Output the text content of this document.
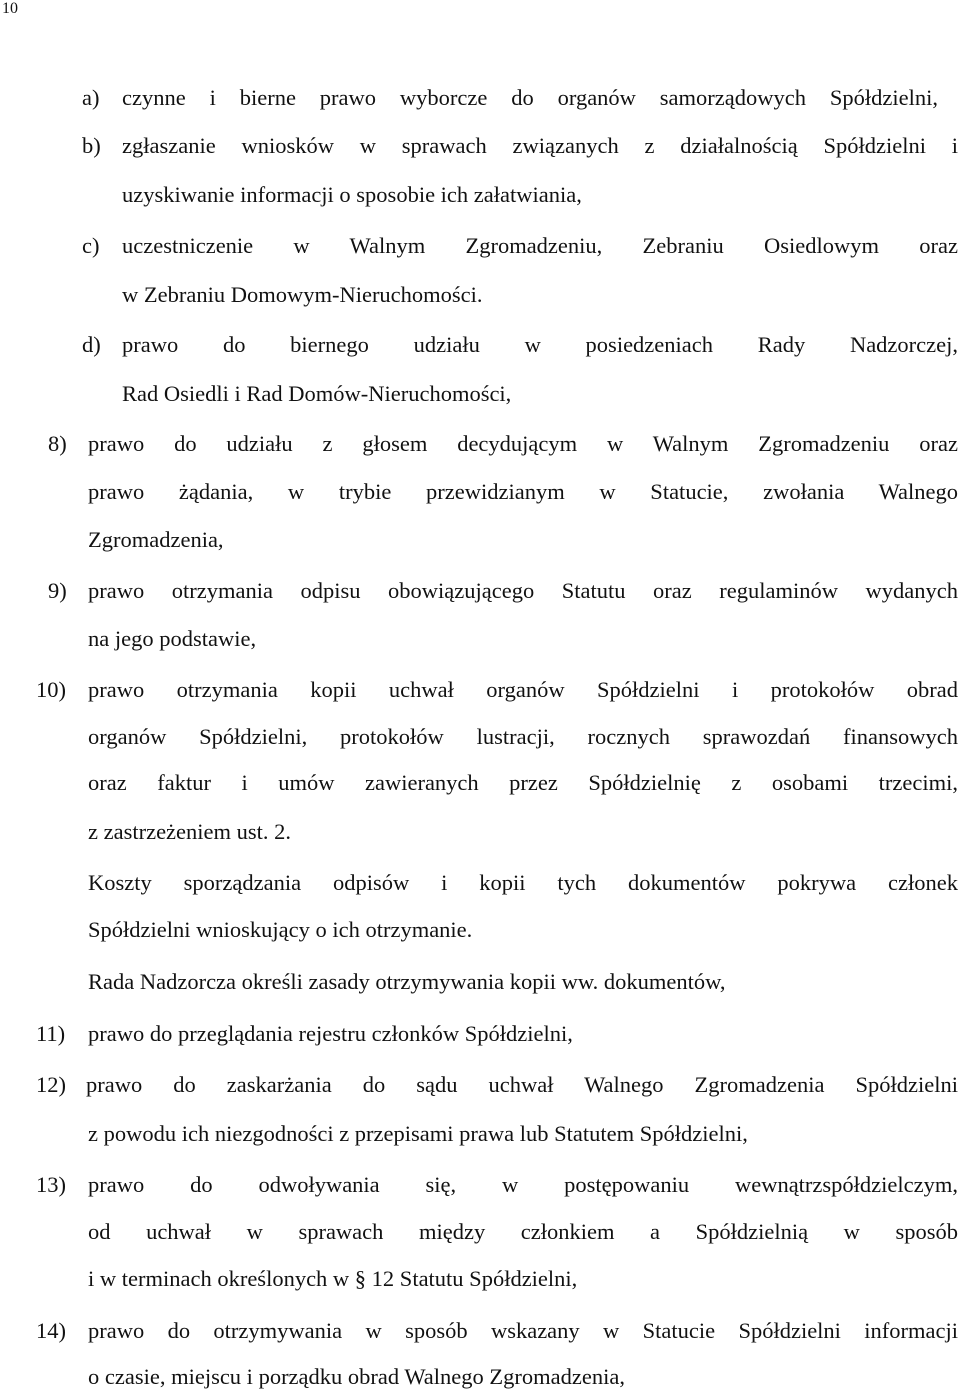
10
a) czynne i bierne prawo wyborcze do organów samorządowych Spółdzielni,
b) zgłaszanie wniosków w sprawach związanych z działalnością Spółdzielni i
uzyskiwanie informacji o sposobie ich załatwiania,
c) uczestniczenie w Walnym Zgromadzeniu, Zebraniu Osiedlowym oraz
w Zebraniu Domowym-Nieruchomości.
d) prawo do biernego udziału w posiedzeniach Rady Nadzorczej,
Rad Osiedli i Rad Domów-Nieruchomości,
8) prawo do udziału z głosem decydującym w Walnym Zgromadzeniu oraz
prawo żądania, w trybie przewidzianym w Statucie, zwołania Walnego
Zgromadzenia,
9) prawo otrzymania odpisu obowiązującego Statutu oraz regulaminów wydanych
na jego podstawie,
10) prawo otrzymania kopii uchwał organów Spółdzielni i protokołów obrad
organów Spółdzielni, protokołów lustracji, rocznych sprawozdań finansowych
oraz faktur i umów zawieranych przez Spółdzielnię z osobami trzecimi,
z zastrzeżeniem ust. 2.
Koszty sporządzania odpisów i kopii tych dokumentów pokrywa członek
Spółdzielni wnioskujący o ich otrzymanie.
Rada Nadzorcza określi zasady otrzymywania kopii ww. dokumentów,
11) prawo do przeglądania rejestru członków Spółdzielni,
12) prawo do zaskarżania do sądu uchwał Walnego Zgromadzenia Spółdzielni
z powodu ich niezgodności z przepisami prawa lub Statutem Spółdzielni,
13) prawo do odwoływania się, w postępowaniu wewnątrzspółdzielczym,
od uchwał w sprawach między członkiem a Spółdzielnią w sposób
i w terminach określonych w § 12 Statutu Spółdzielni,
14) prawo do otrzymywania w sposób wskazany w Statucie Spółdzielni informacji
o czasie, miejscu i porządku obrad Walnego Zgromadzenia,
